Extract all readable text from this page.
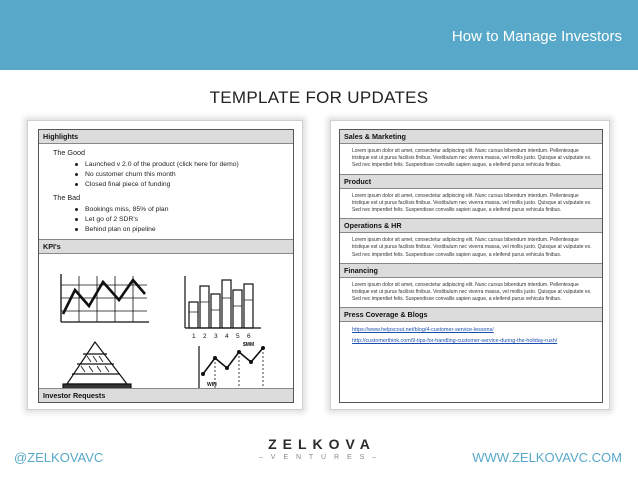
How to Manage Investors
TEMPLATE FOR UPDATES
Highlights
The Good
Launched v 2.0 of the product (click here for demo)
No customer churn this month
Closed final piece of funding
The Bad
Bookings miss, 85% of plan
Let go of 2 SDR's
Behind plan on pipeline
KPI's
1 2 3 4 5 6
$MM
WIN
Investor Requests
Sales & Marketing
Lorem ipsum dolor sit amet, consectetur adipiscing elit. Nunc cursus bibendum interdum. Pellentesque tristique est ut purus facilisis finibus. Vestibulum nec viverra massa, vel mollis justo. Quisque at vulputate ex. Sed nec imperdiet felis. Suspendisse convallis sapien augue, a eleifend purus vehicula finibus.
Product
Lorem ipsum dolor sit amet, consectetur adipiscing elit. Nunc cursus bibendum interdum. Pellentesque tristique est ut purus facilisis finibus. Vestibulum nec viverra massa, vel mollis justo. Quisque at vulputate ex. Sed nec imperdiet felis. Suspendisse convallis sapien augue, a eleifend purus vehicula finibus.
Operations & HR
Lorem ipsum dolor sit amet, consectetur adipiscing elit. Nunc cursus bibendum interdum. Pellentesque tristique est ut purus facilisis finibus. Vestibulum nec viverra massa, vel mollis justo. Quisque at vulputate ex. Sed nec imperdiet felis. Suspendisse convallis sapien augue, a eleifend purus vehicula finibus.
Financing
Lorem ipsum dolor sit amet, consectetur adipiscing elit. Nunc cursus bibendum interdum. Pellentesque tristique est ut purus facilisis finibus. Vestibulum nec viverra massa, vel mollis justo. Quisque at vulputate ex. Sed nec imperdiet felis. Suspendisse convallis sapien augue, a eleifend purus vehicula finibus.
Press Coverage & Blogs
https://www.helpscout.net/blog/4-customer-service-lessons/
http://customerthink.com/9-tips-for-handling-customer-service-during-the-holiday-rush/
@ZELKOVAVC
ZELKOVA
– V E N T U R E S –	WWW.ZELKOVAVC.COM
